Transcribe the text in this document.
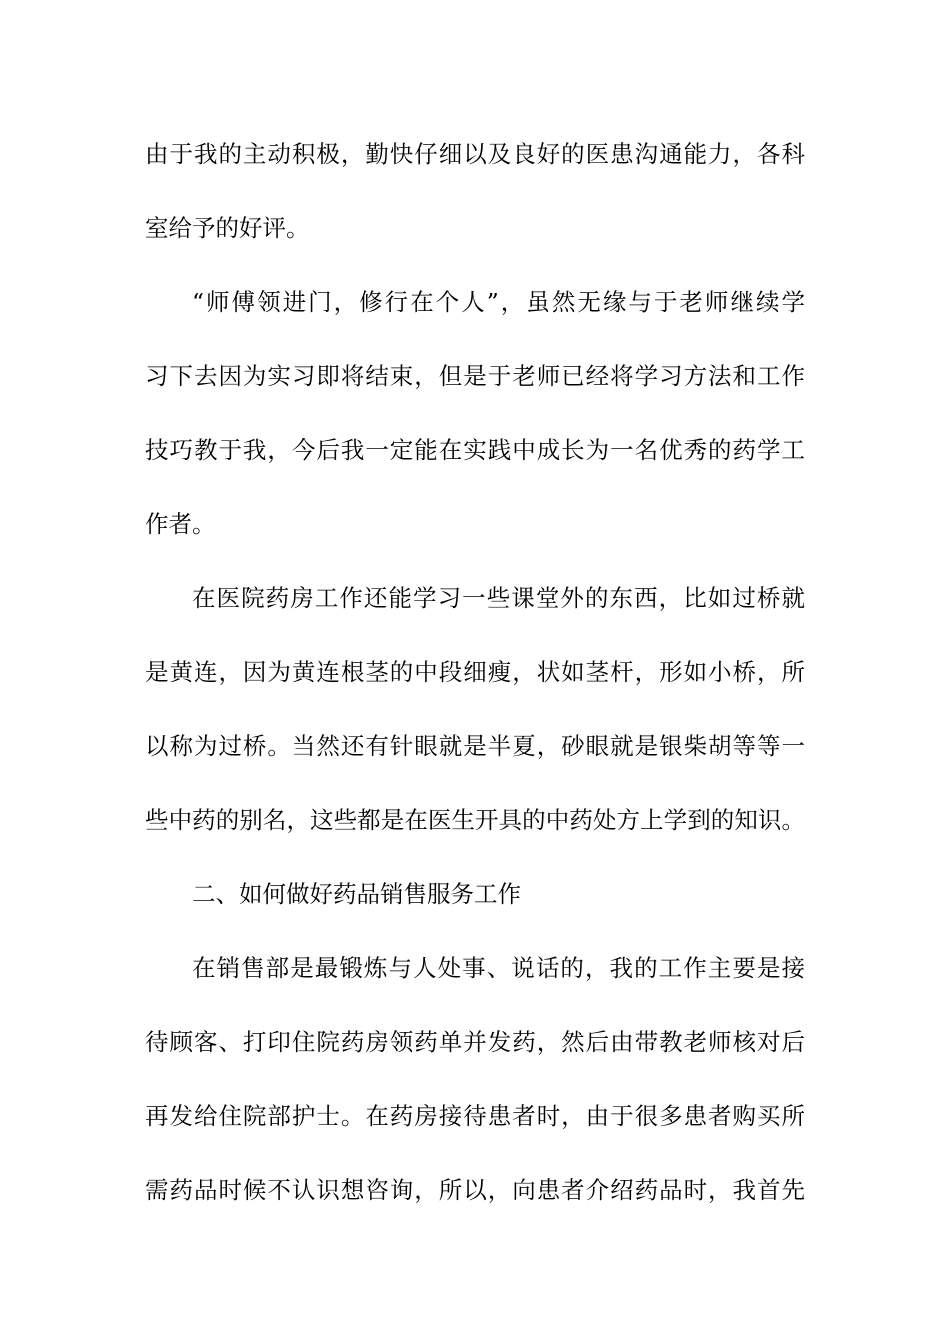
由于我的主动积极，勤快仔细以及良好的医患沟通能力，各科
室给予的好评。
“师傅领进门，修行在个人”，虽然无缘与于老师继续学
习下去因为实习即将结束，但是于老师已经将学习方法和工作
技巧教于我，今后我一定能在实践中成长为一名优秀的药学工
作者。
在医院药房工作还能学习一些课堂外的东西，比如过桥就
是黄连，因为黄连根茎的中段细瘦，状如茎杆，形如小桥，所
以称为过桥。当然还有针眼就是半夏，砂眼就是银柴胡等等一
些中药的别名，这些都是在医生开具的中药处方上学到的知识。
二、如何做好药品销售服务工作
在销售部是最锻炼与人处事、说话的，我的工作主要是接
待顾客、打印住院药房领药单并发药，然后由带教老师核对后
再发给住院部护士。在药房接待患者时，由于很多患者购买所
需药品时候不认识想咨询，所以，向患者介绍药品时，我首先
